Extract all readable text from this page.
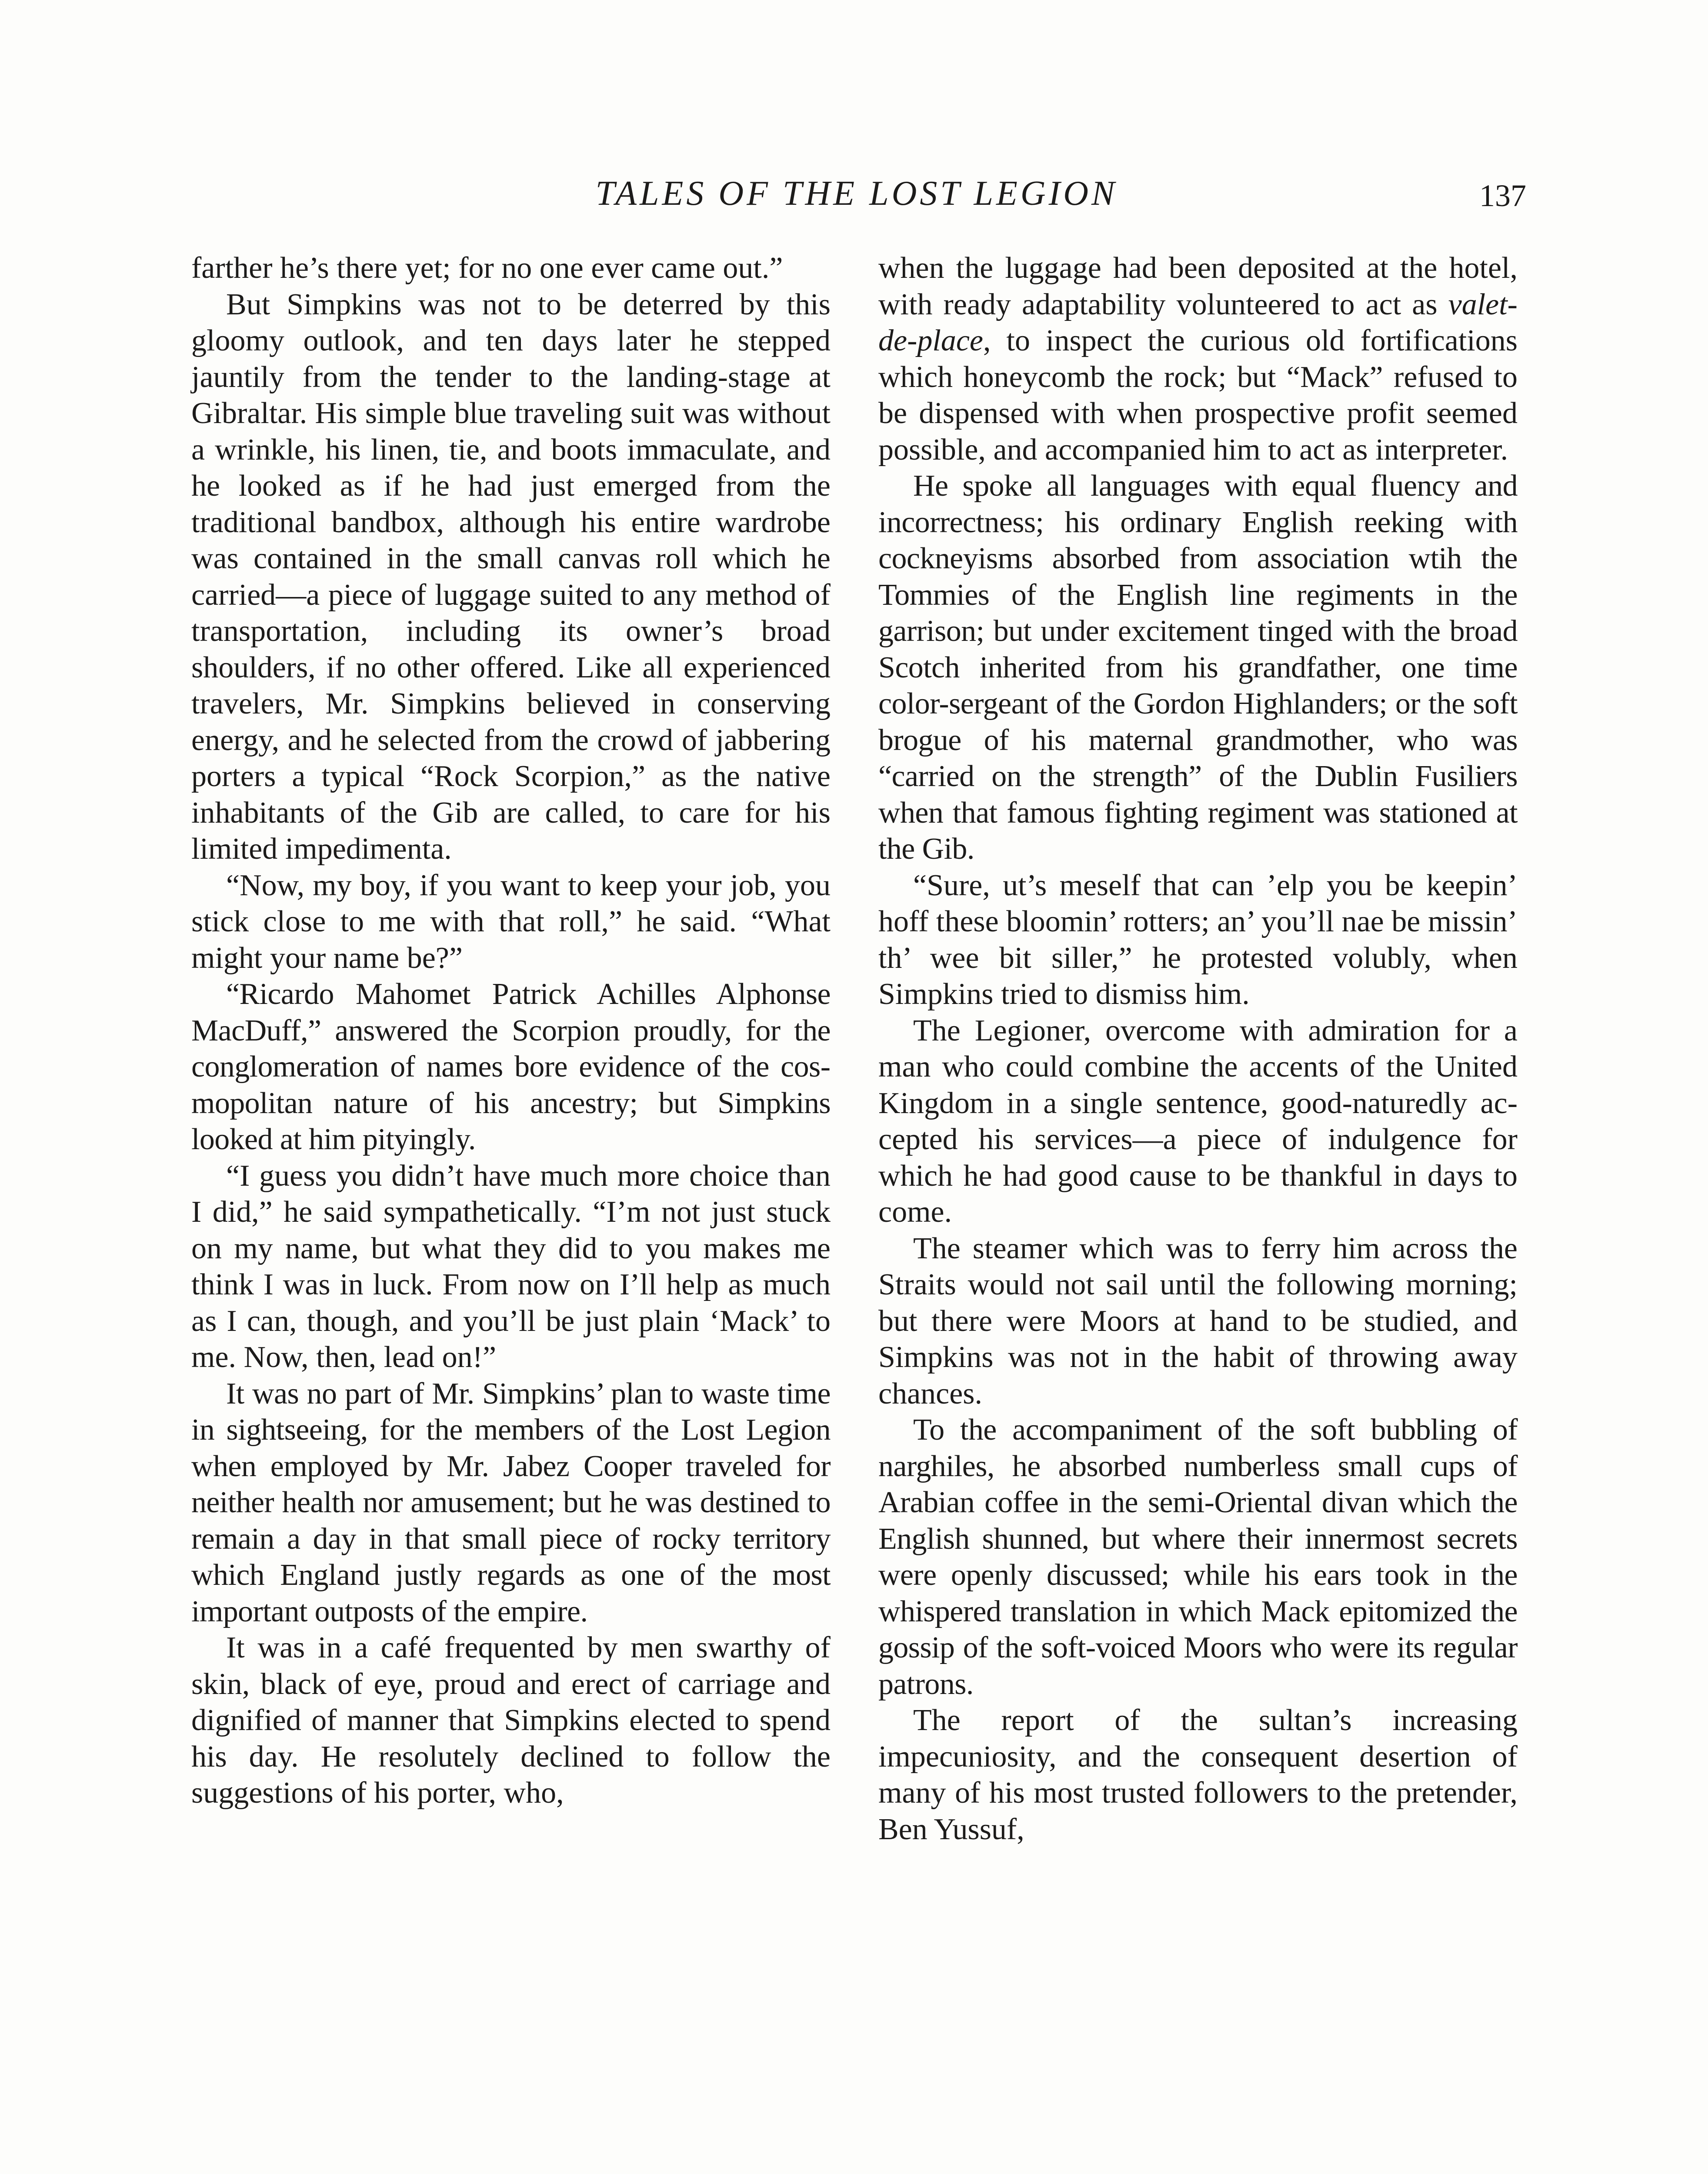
TALES OF THE LOST LEGION	137

farther he’s there yet; for no one ever came out.”

But Simpkins was not to be deterred by this gloomy outlook, and ten days later he stepped jauntily from the tender to the landing-stage at Gibraltar. His simple blue traveling suit was without a wrinkle, his linen, tie, and boots immaculate, and he looked as if he had just emerged from the traditional bandbox, although his entire wardrobe was contained in the small canvas roll which he carried—a piece of luggage suited to any method of transportation, including its owner’s broad shoulders, if no other offered. Like all experienced travelers, Mr. Simpkins believed in conserving energy, and he selected from the crowd of jabbering porters a typical “Rock Scorpion,” as the native inhabitants of the Gib are called, to care for his limited impedimenta.

“Now, my boy, if you want to keep your job, you stick close to me with that roll,” he said. “What might your name be?”

“Ricardo Mahomet Patrick Achilles Alphonse MacDuff,” answered the Scorpion proudly, for the conglomeration of names bore evidence of the cosmopolitan nature of his ancestry; but Simpkins looked at him pityingly.

“I guess you didn’t have much more choice than I did,” he said sympathetically. “I’m not just stuck on my name, but what they did to you makes me think I was in luck. From now on I’ll help as much as I can, though, and you’ll be just plain ‘Mack’ to me. Now, then, lead on!”

It was no part of Mr. Simpkins’ plan to waste time in sightseeing, for the members of the Lost Legion when employed by Mr. Jabez Cooper traveled for neither health nor amusement; but he was destined to remain a day in that small piece of rocky territory which England justly regards as one of the most important outposts of the empire.

It was in a café frequented by men swarthy of skin, black of eye, proud and erect of carriage and dignified of manner that Simpkins elected to spend his day. He resolutely declined to follow the suggestions of his porter, who,

when the luggage had been deposited at the hotel, with ready adaptability volunteered to act as valet-de-place, to inspect the curious old fortifications which honeycomb the rock; but “Mack” refused to be dispensed with when prospective profit seemed possible, and accompanied him to act as interpreter.

He spoke all languages with equal fluency and incorrectness; his ordinary English reeking with cockneyisms absorbed from association wtih the Tommies of the English line regiments in the garrison; but under excitement tinged with the broad Scotch inherited from his grandfather, one time color-sergeant of the Gordon Highlanders; or the soft brogue of his maternal grandmother, who was “carried on the strength” of the Dublin Fusiliers when that famous fighting regiment was stationed at the Gib.

“Sure, ut’s meself that can ’elp you be keepin’ hoff these bloomin’ rotters; an’ you’ll nae be missin’ th’ wee bit siller,” he protested volubly, when Simpkins tried to dismiss him.

The Legioner, overcome with admiration for a man who could combine the accents of the United Kingdom in a single sentence, good-naturedly accepted his services—a piece of indulgence for which he had good cause to be thankful in days to come.

The steamer which was to ferry him across the Straits would not sail until the following morning; but there were Moors at hand to be studied, and Simpkins was not in the habit of throwing away chances.

To the accompaniment of the soft bubbling of narghiles, he absorbed numberless small cups of Arabian coffee in the semi-Oriental divan which the English shunned, but where their innermost secrets were openly discussed; while his ears took in the whispered translation in which Mack epitomized the gossip of the soft-voiced Moors who were its regular patrons.

The report of the sultan’s increasing impecuniosity, and the consequent desertion of many of his most trusted followers to the pretender, Ben Yussuf,
